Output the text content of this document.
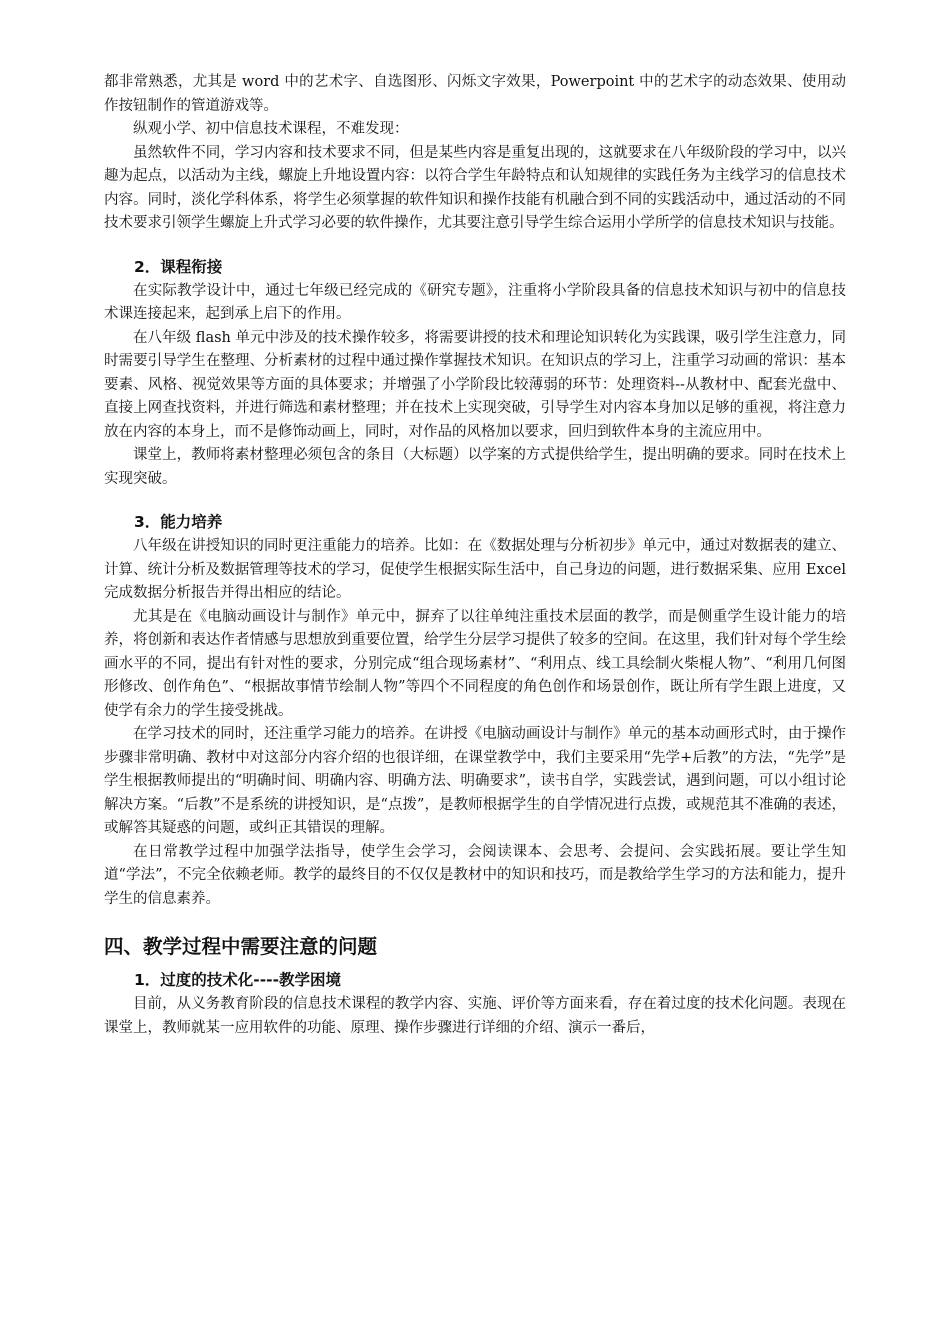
都非常熟悉，尤其是 word 中的艺术字、自选图形、闪烁文字效果，Powerpoint 中的艺术字的动态效果、使用动作按钮制作的管道游戏等。

纵观小学、初中信息技术课程，不难发现：

虽然软件不同，学习内容和技术要求不同，但是某些内容是重复出现的，这就要求在八年级阶段的学习中，以兴趣为起点，以活动为主线，螺旋上升地设置内容：以符合学生年龄特点和认知规律的实践任务为主线学习的信息技术内容。同时，淡化学科体系，将学生必须掌握的软件知识和操作技能有机融合到不同的实践活动中，通过活动的不同技术要求引领学生螺旋上升式学习必要的软件操作，尤其要注意引导学生综合运用小学所学的信息技术知识与技能。

2．课程衔接

在实际教学设计中，通过七年级已经完成的《研究专题》，注重将小学阶段具备的信息技术知识与初中的信息技术课连接起来，起到承上启下的作用。

在八年级 flash 单元中涉及的技术操作较多，将需要讲授的技术和理论知识转化为实践课，吸引学生注意力，同时需要引导学生在整理、分析素材的过程中通过操作掌握技术知识。在知识点的学习上，注重学习动画的常识：基本要素、风格、视觉效果等方面的具体要求；并增强了小学阶段比较薄弱的环节：处理资料--从教材中、配套光盘中、直接上网查找资料，并进行筛选和素材整理；并在技术上实现突破，引导学生对内容本身加以足够的重视，将注意力放在内容的本身上，而不是修饰动画上，同时，对作品的风格加以要求，回归到软件本身的主流应用中。

课堂上，教师将素材整理必须包含的条目（大标题）以学案的方式提供给学生，提出明确的要求。同时在技术上实现突破。

3．能力培养

八年级在讲授知识的同时更注重能力的培养。比如：在《数据处理与分析初步》单元中，通过对数据表的建立、计算、统计分析及数据管理等技术的学习，促使学生根据实际生活中，自己身边的问题，进行数据采集、应用 Excel 完成数据分析报告并得出相应的结论。

尤其是在《电脑动画设计与制作》单元中，摒弃了以往单纯注重技术层面的教学，而是侧重学生设计能力的培养，将创新和表达作者情感与思想放到重要位置，给学生分层学习提供了较多的空间。在这里，我们针对每个学生绘画水平的不同，提出有针对性的要求，分别完成“组合现场素材”、“利用点、线工具绘制火柴棍人物”、“利用几何图形修改、创作角色”、“根据故事情节绘制人物”等四个不同程度的角色创作和场景创作，既让所有学生跟上进度，又使学有余力的学生接受挑战。

在学习技术的同时，还注重学习能力的培养。在讲授《电脑动画设计与制作》单元的基本动画形式时，由于操作步骤非常明确、教材中对这部分内容介绍的也很详细，在课堂教学中，我们主要采用“先学+后教”的方法，“先学”是学生根据教师提出的“明确时间、明确内容、明确方法、明确要求”，读书自学，实践尝试，遇到问题，可以小组讨论解决方案。“后教”不是系统的讲授知识，是“点拨”，是教师根据学生的自学情况进行点拨，或规范其不准确的表述，或解答其疑惑的问题，或纠正其错误的理解。

在日常教学过程中加强学法指导，使学生会学习，会阅读课本、会思考、会提问、会实践拓展。要让学生知道“学法”，不完全依赖老师。教学的最终目的不仅仅是教材中的知识和技巧，而是教给学生学习的方法和能力，提升学生的信息素养。

四、教学过程中需要注意的问题
1．过度的技术化----教学困境

目前，从义务教育阶段的信息技术课程的教学内容、实施、评价等方面来看，存在着过度的技术化问题。表现在课堂上，教师就某一应用软件的功能、原理、操作步骤进行详细的介绍、演示一番后，
